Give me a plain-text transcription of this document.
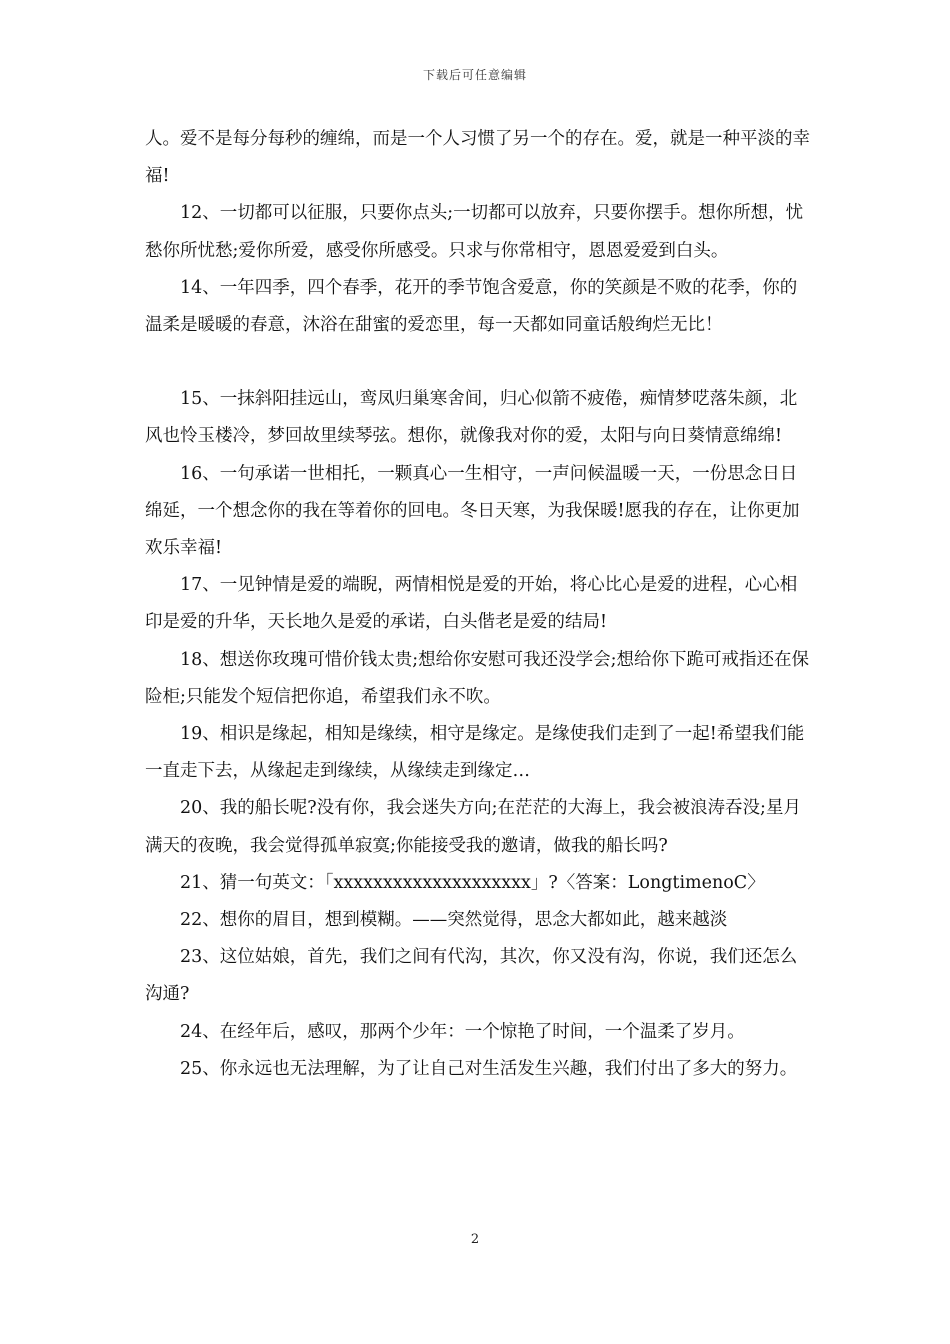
下载后可任意编辑

人。爱不是每分每秒的缠绵，而是一个人习惯了另一个的存在。爱，就是一种平淡的幸福!

12、一切都可以征服，只要你点头;一切都可以放弃，只要你摆手。想你所想，忧愁你所忧愁;爱你所爱，感受你所感受。只求与你常相守，恩恩爱爱到白头。

14、一年四季，四个春季，花开的季节饱含爱意，你的笑颜是不败的花季，你的温柔是暖暖的春意，沐浴在甜蜜的爱恋里，每一天都如同童话般绚烂无比！

15、一抹斜阳挂远山，鸾凤归巢寒舍间，归心似箭不疲倦，痴情梦呓落朱颜，北风也怜玉楼冷，梦回故里续琴弦。想你，就像我对你的爱，太阳与向日葵情意绵绵!

16、一句承诺一世相托，一颗真心一生相守，一声问候温暖一天，一份思念日日绵延，一个想念你的我在等着你的回电。冬日天寒，为我保暖!愿我的存在，让你更加欢乐幸福!

17、一见钟情是爱的端睨，两情相悦是爱的开始，将心比心是爱的进程，心心相印是爱的升华，天长地久是爱的承诺，白头偕老是爱的结局!

18、想送你玫瑰可惜价钱太贵;想给你安慰可我还没学会;想给你下跪可戒指还在保险柜;只能发个短信把你追，希望我们永不吹。

19、相识是缘起，相知是缘续，相守是缘定。是缘使我们走到了一起!希望我们能一直走下去，从缘起走到缘续，从缘续走到缘定…

20、我的船长呢?没有你，我会迷失方向;在茫茫的大海上，我会被浪涛吞没;星月满天的夜晚，我会觉得孤单寂寞;你能接受我的邀请，做我的船长吗?

21、猜一句英文：「xxxxxxxxxxxxxxxxxxxx」?〈答案：LongtimenoC〉

22、想你的眉目，想到模糊。——突然觉得，思念大都如此，越来越淡

23、这位姑娘，首先，我们之间有代沟，其次，你又没有沟，你说，我们还怎么沟通?

24、在经年后，感叹，那两个少年：一个惊艳了时间，一个温柔了岁月。

25、你永远也无法理解，为了让自己对生活发生兴趣，我们付出了多大的努力。

2
